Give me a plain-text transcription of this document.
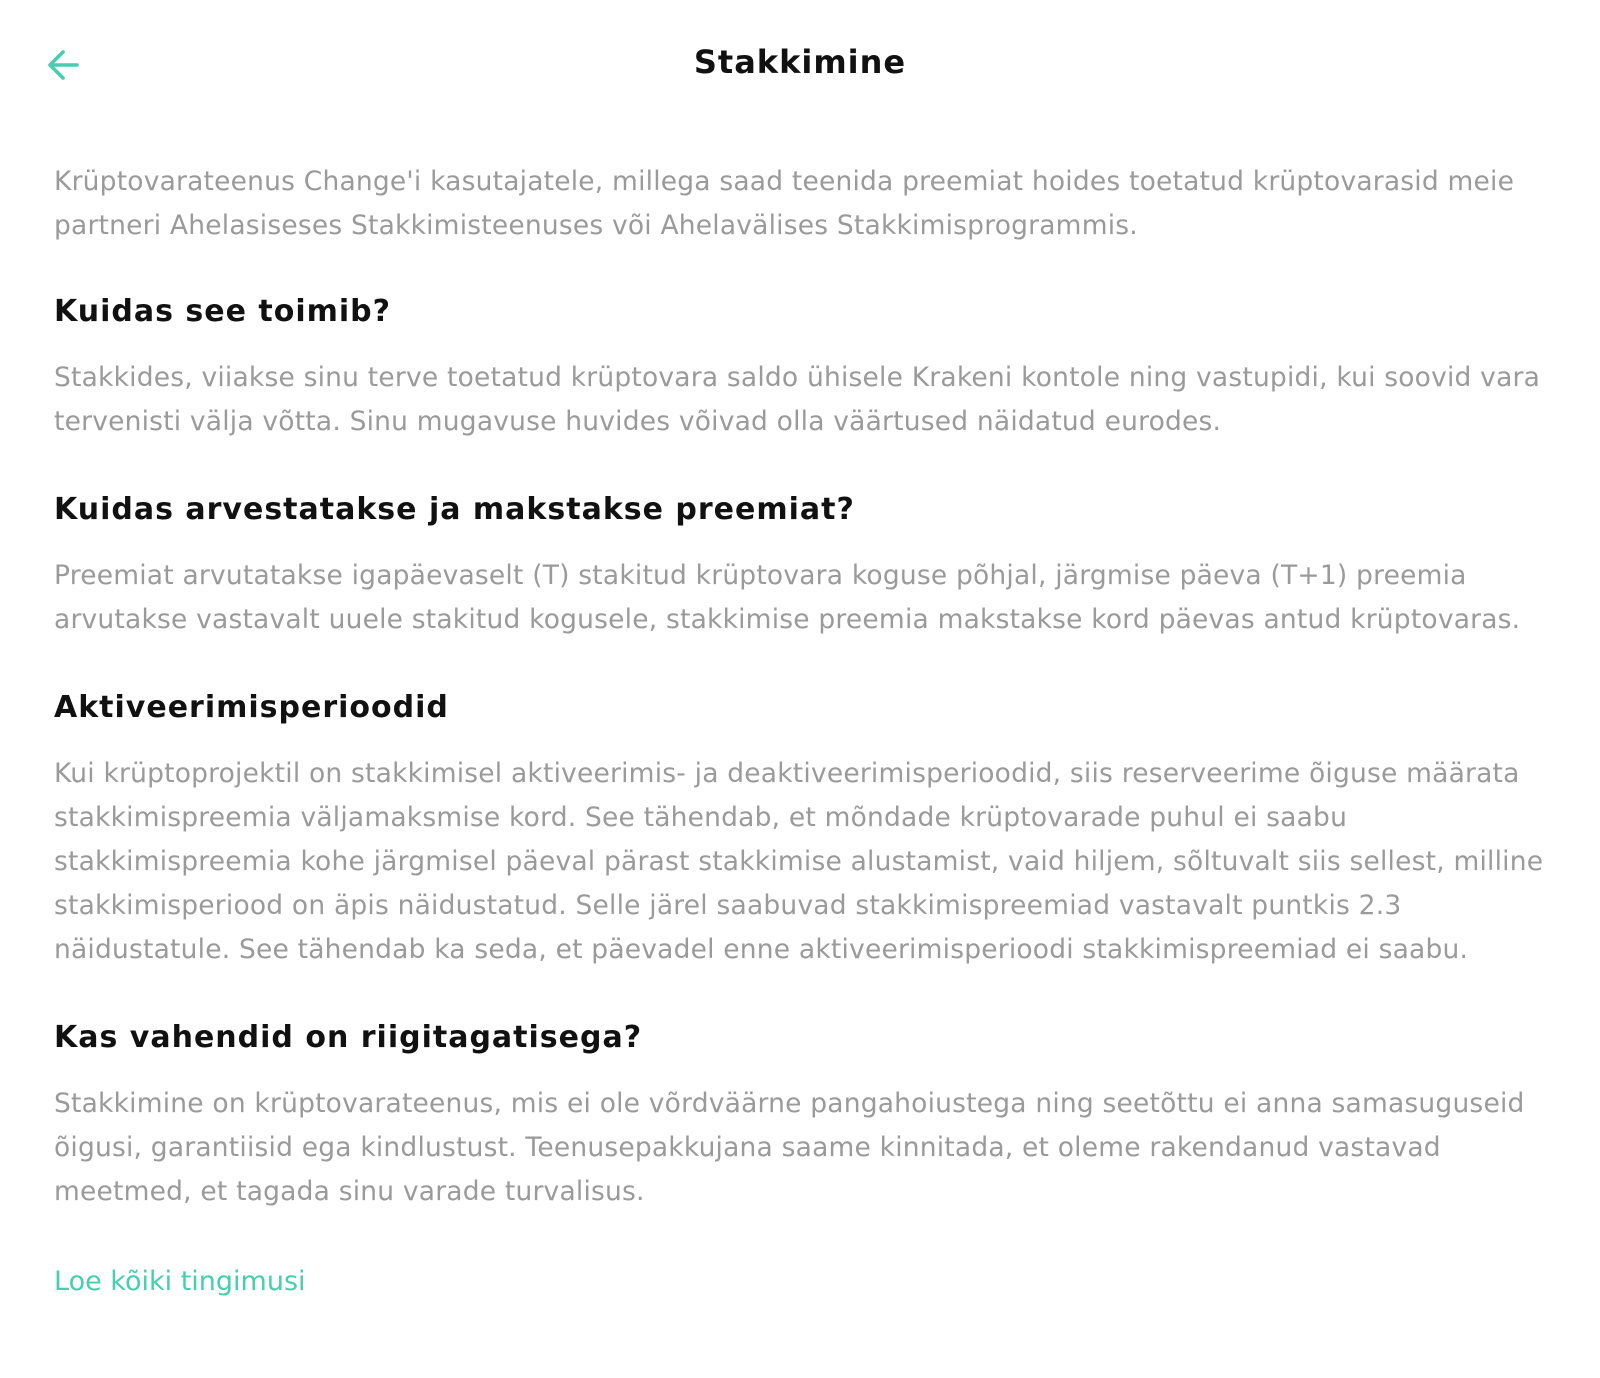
Stakkimine

Krüptovarateenus Change'i kasutajatele, millega saad teenida preemiat hoides toetatud krüptovarasid meie partneri Ahelasiseses Stakkimisteenuses või Ahelavälises Stakkimisprogrammis.

Kuidas see toimib?

Stakkides, viiakse sinu terve toetatud krüptovara saldo ühisele Krakeni kontole ning vastupidi, kui soovid vara tervenisti välja võtta. Sinu mugavuse huvides võivad olla väärtused näidatud eurodes.

Kuidas arvestatakse ja makstakse preemiat?

Preemiat arvutatakse igapäevaselt (T) stakitud krüptovara koguse põhjal, järgmise päeva (T+1) preemia arvutakse vastavalt uuele stakitud kogusele, stakkimise preemia makstakse kord päevas antud krüptovaras.

Aktiveerimisperioodid

Kui krüptoprojektil on stakkimisel aktiveerimis- ja deaktiveerimisperioodid, siis reserveerime õiguse määrata stakkimispreemia väljamaksmise kord. See tähendab, et mõndade krüptovarade puhul ei saabu stakkimispreemia kohe järgmisel päeval pärast stakkimise alustamist, vaid hiljem, sõltuvalt siis sellest, milline stakkimisperiood on äpis näidustatud. Selle järel saabuvad stakkimispreemiad vastavalt puntkis 2.3 näidustatule. See tähendab ka seda, et päevadel enne aktiveerimisperioodi stakkimispreemiad ei saabu.

Kas vahendid on riigitagatisega?

Stakkimine on krüptovarateenus, mis ei ole võrdväärne pangahoiustega ning seetõttu ei anna samasuguseid õigusi, garantiisid ega kindlustust. Teenusepakkujana saame kinnitada, et oleme rakendanud vastavad meetmed, et tagada sinu varade turvalisus.

Loe kõiki tingimusi
